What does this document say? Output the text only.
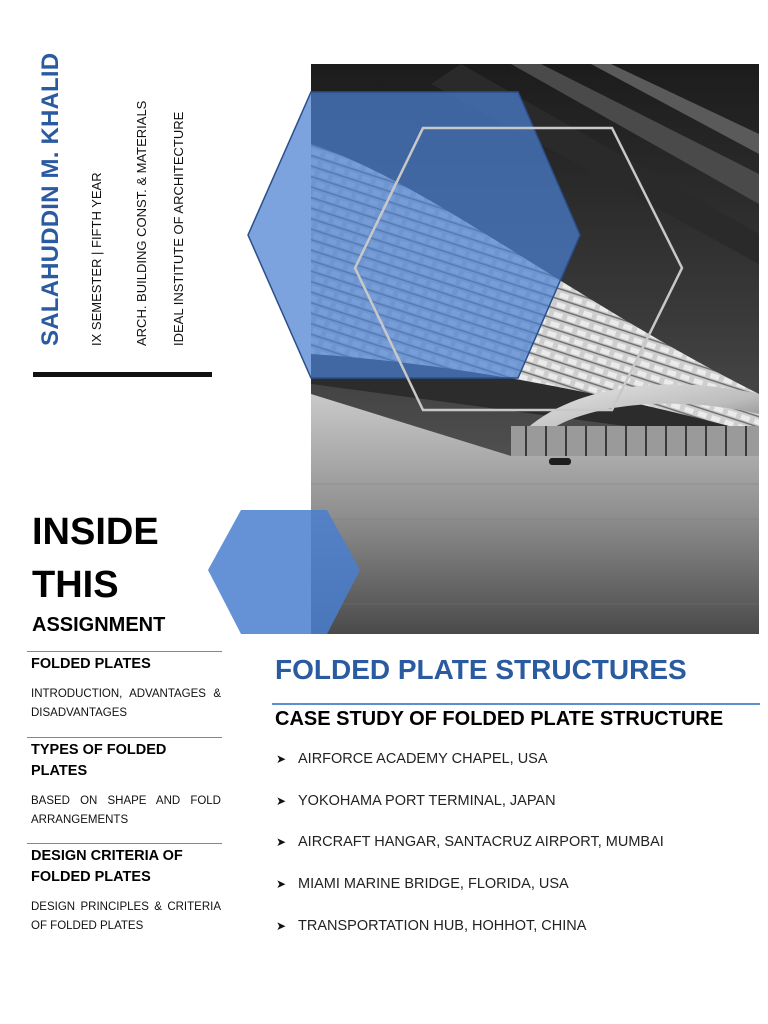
SALAHUDDIN M. KHALID IX SEMESTER | FIFTH YEAR ARCH. BUILDING CONST. & MATERIALS IDEAL INSTITUTE OF ARCHITECTURE
INSIDE
THIS
ASSIGNMENT
FOLDED PLATES
INTRODUCTION, ADVANTAGES & DISADVANTAGES
TYPES OF FOLDED PLATES
BASED ON SHAPE AND FOLD ARRANGEMENTS
DESIGN CRITERIA OF FOLDED PLATES
DESIGN PRINCIPLES & CRITERIA OF FOLDED PLATES
FOLDED PLATE STRUCTURES
CASE STUDY OF FOLDED PLATE STRUCTURE
➤ AIRFORCE ACADEMY CHAPEL, USA
➤ YOKOHAMA PORT TERMINAL, JAPAN
➤ AIRCRAFT HANGAR, SANTACRUZ AIRPORT, MUMBAI
➤ MIAMI MARINE BRIDGE, FLORIDA, USA
➤ TRANSPORTATION HUB, HOHHOT, CHINA
